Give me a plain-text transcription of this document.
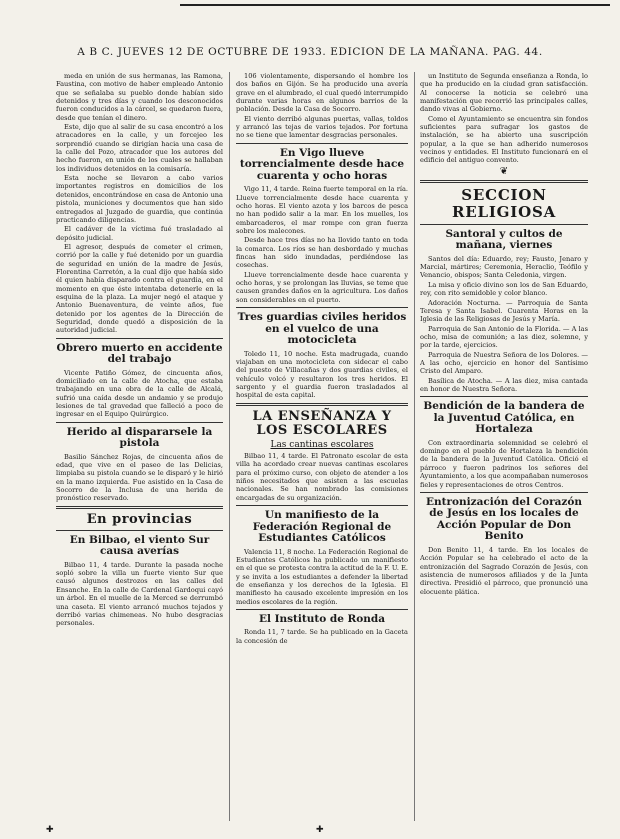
A B C. JUEVES 12 DE OCTUBRE DE 1933. EDICION DE LA MAÑANA. PAG. 44.

meda en unión de sus hermanas, las Ramona, Faustina, con motivo de haber empleado Antonio que se señalaba su pueblo donde habían sido detenidos y tres días y cuando los desconocidos fueron conducidos a la cárcel, se quedaron fuera, desde que tenían el dinero.

Este, dijo que al salir de su casa encontró a los atracadores en la calle, y un forcejeo les sorprendió cuando se dirigían hacia una casa de la calle del Pozo, atracador que los autores del hecho fueron, en unión de los cuales se hallaban los individuos detenidos en la comisaría.

Esta noche se llevaron a cabo varios importantes registros en domicilios de los detenidos, encontrándose en casa de Antonio una pistola, municiones y documentos que han sido entregados al Juzgado de guardia, que continúa practicando diligencias.

El cadáver de la víctima fué trasladado al depósito judicial.

El agresor, después de cometer el crimen, corrió por la calle y fué detenido por un guardia de seguridad en unión de la madre de Jesús, Florentina Carretón, a la cual dijo que había sido él quien había disparado contra el guardia, en el momento en que éste intentaba detenerle en la esquina de la plaza. La mujer negó el ataque y Antonio Buenaventura, de veinte años, fue detenido por los agentes de la Dirección de Seguridad, donde quedó a disposición de la autoridad judicial.

Obrero muerto en accidente del trabajo

Vicente Patiño Gómez, de cincuenta años, domiciliado en la calle de Atocha, que estaba trabajando en una obra de la calle de Alcalá, sufrió una caída desde un andamio y se produjo lesiones de tal gravedad que falleció a poco de ingresar en el Equipo Quirúrgico.

Herido al dispararsele la pistola

Basilio Sánchez Rojas, de cincuenta años de edad, que vive en el paseo de las Delicias, limpiaba su pistola cuando se le disparó y le hirió en la mano izquierda. Fue asistido en la Casa de Socorro de la Inclusa de una herida de pronóstico reservado.

En provincias
En Bilbao, el viento Sur causa averías

Bilbao 11, 4 tarde. Durante la pasada noche sopló sobre la villa un fuerte viento Sur que causó algunos destrozos en las calles del Ensanche. En la calle de Cardenal Gardoqui cayó un árbol. En el muelle de la Merced se derrumbó una caseta. El viento arrancó muchos tejados y derribó varias chimeneas. No hubo desgracias personales.

106 violentamente, dispersando el hombre los dos baños en Gijón. Se ha producido una avería grave en el alumbrado, el cual quedó interrumpido durante varias horas en algunos barrios de la población. Desde la Casa de Socorro.

El viento derribó algunas puertas, vallas, toldos y arrancó las tejas de varios tejados. Por fortuna no se tiene que lamentar desgracias personales.

En Vigo llueve torrencialmente desde hace cuarenta y ocho horas

Vigo 11, 4 tarde. Reina fuerte temporal en la ría. Llueve torrencialmente desde hace cuarenta y ocho horas. El viento azota y los barcos de pesca no han podido salir a la mar. En los muelles, los embarcaderos, el mar rompe con gran fuerza sobre los malecones.

Desde hace tres días no ha llovido tanto en toda la comarca. Los ríos se han desbordado y muchas fincas han sido inundadas, perdiéndose las cosechas.

Llueve torrencialmente desde hace cuarenta y ocho horas, y se prolongan las lluvias, se teme que causen grandes daños en la agricultura. Los daños son considerables en el puerto.

Tres guardias civiles heridos en el vuelco de una motocicleta

Toledo 11, 10 noche. Esta madrugada, cuando viajaban en una motocicleta con sidecar el cabo del puesto de Villacañas y dos guardias civiles, el vehículo volcó y resultaron los tres heridos. El sargento y el guardia fueron trasladados al hospital de esta capital.

LA ENSEÑANZA Y LOS ESCOLARES
Las cantinas escolares

Bilbao 11, 4 tarde. El Patronato escolar de esta villa ha acordado crear nuevas cantinas escolares para el próximo curso, con objeto de atender a los niños necesitados que asisten a las escuelas nacionales. Se han nombrado las comisiones encargadas de su organización.

Un manifiesto de la Federación Regional de Estudiantes Católicos

Valencia 11, 8 noche. La Federación Regional de Estudiantes Católicos ha publicado un manifiesto en el que se protesta contra la actitud de la F. U. E. y se invita a los estudiantes a defender la libertad de enseñanza y los derechos de la Iglesia. El manifiesto ha causado excelente impresión en los medios escolares de la región.

El Instituto de Ronda

Ronda 11, 7 tarde. Se ha publicado en la Gaceta la concesión de

un Instituto de Segunda enseñanza a Ronda, lo que ha producido en la ciudad gran satisfacción. Al conocerse la noticia se celebró una manifestación que recorrió las principales calles, dando vivas al Gobierno.

Como el Ayuntamiento se encuentra sin fondos suficientes para sufragar los gastos de instalación, se ha abierto una suscripción popular, a la que se han adherido numerosos vecinos y entidades. El Instituto funcionará en el edificio del antiguo convento.

❦
SECCION RELIGIOSA
Santoral y cultos de mañana, viernes

Santos del día: Eduardo, rey; Fausto, Jenaro y Marcial, mártires; Ceremonia, Heraclio, Teófilo y Venancio, obispos; Santa Celedonia, virgen.

La misa y oficio divino son los de San Eduardo, rey, con rito semidoble y color blanco.

Adoración Nocturna. — Parroquia de Santa Teresa y Santa Isabel. Cuarenta Horas en la Iglesia de las Religiosas de Jesús y María.

Parroquia de San Antonio de la Florida. — A las ocho, misa de comunión; a las diez, solemne, y por la tarde, ejercicios.

Parroquia de Nuestra Señora de los Dolores. — A las ocho, ejercicio en honor del Santísimo Cristo del Amparo.

Basílica de Atocha. — A las diez, misa cantada en honor de Nuestra Señora.

Bendición de la bandera de la Juventud Católica, en Hortaleza

Con extraordinaria solemnidad se celebró el domingo en el pueblo de Hortaleza la bendición de la bandera de la Juventud Católica. Ofició el párroco y fueron padrinos los señores del Ayuntamiento, a los que acompañaban numerosos fieles y representaciones de otros Centros.

Entronización del Corazón de Jesús en los locales de Acción Popular de Don Benito

Don Benito 11, 4 tarde. En los locales de Acción Popular se ha celebrado el acto de la entronización del Sagrado Corazón de Jesús, con asistencia de numerosos afiliados y de la Junta directiva. Presidió el párroco, que pronunció una elocuente plática.

✚	✚
